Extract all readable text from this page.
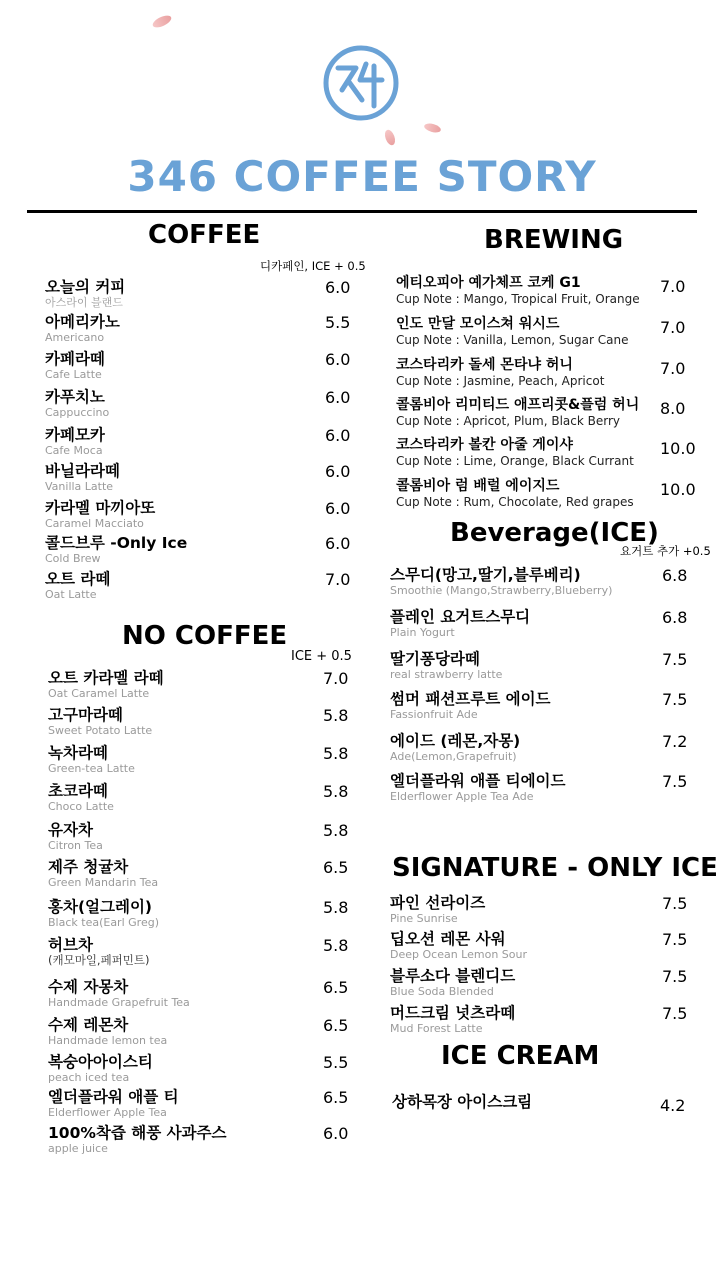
346 COFFEE STORY
COFFEE
디카페인, ICE + 0.5
오늘의 커피
아스라이 블랜드
6.0
아메리카노
Americano
5.5
카페라떼
Cafe Latte
6.0
카푸치노
Cappuccino
6.0
카페모카
Cafe Moca
6.0
바닐라라떼
Vanilla Latte
6.0
카라멜 마끼아또
Caramel Macciato
6.0
콜드브루 -Only Ice
Cold Brew
6.0
오트 라떼
Oat Latte
7.0
NO COFFEE
ICE + 0.5
오트 카라멜 라떼
Oat Caramel Latte
7.0
고구마라떼
Sweet Potato Latte
5.8
녹차라떼
Green-tea Latte
5.8
초코라떼
Choco Latte
5.8
유자차
Citron Tea
5.8
제주 청귤차
Green Mandarin Tea
6.5
홍차(얼그레이)
Black tea(Earl Greg)
5.8
허브차
(캐모마일,페퍼민트)
5.8
수제 자몽차
Handmade Grapefruit Tea
6.5
수제 레몬차
Handmade lemon tea
6.5
복숭아아이스티
peach iced tea
5.5
엘더플라워 애플 티
Elderflower Apple Tea
6.5
100%착즙 해풍 사과주스
apple juice
6.0
BREWING
에티오피아 예가체프 코케 G1
Cup Note : Mango, Tropical Fruit, Orange
7.0
인도 만달 모이스쳐 워시드
Cup Note : Vanilla, Lemon, Sugar Cane
7.0
코스타리카 돌세 몬타냐 허니
Cup Note : Jasmine, Peach, Apricot
7.0
콜롬비아 리미티드 애프리콧&플럼 허니
Cup Note : Apricot, Plum, Black Berry
8.0
코스타리카 볼칸 아줄 게이샤
Cup Note : Lime, Orange, Black Currant
10.0
콜롬비아 럼 배럴 에이지드
Cup Note : Rum, Chocolate, Red grapes
10.0
Beverage(ICE)
요거트 추가 +0.5
스무디(망고,딸기,블루베리)
Smoothie (Mango,Strawberry,Blueberry)
6.8
플레인 요거트스무디
Plain Yogurt
6.8
딸기퐁당라떼
real strawberry latte
7.5
썸머 패션프루트 에이드
Fassionfruit Ade
7.5
에이드 (레몬,자몽)
Ade(Lemon,Grapefruit)
7.2
엘더플라워 애플 티에이드
Elderflower Apple Tea Ade
7.5
SIGNATURE - ONLY ICE
파인 선라이즈
Pine Sunrise
7.5
딥오션 레몬 사워
Deep Ocean Lemon Sour
7.5
블루소다 블렌디드
Blue Soda Blended
7.5
머드크림 넛츠라떼
Mud Forest Latte
7.5
ICE CREAM
상하목장 아이스크림	4.2
